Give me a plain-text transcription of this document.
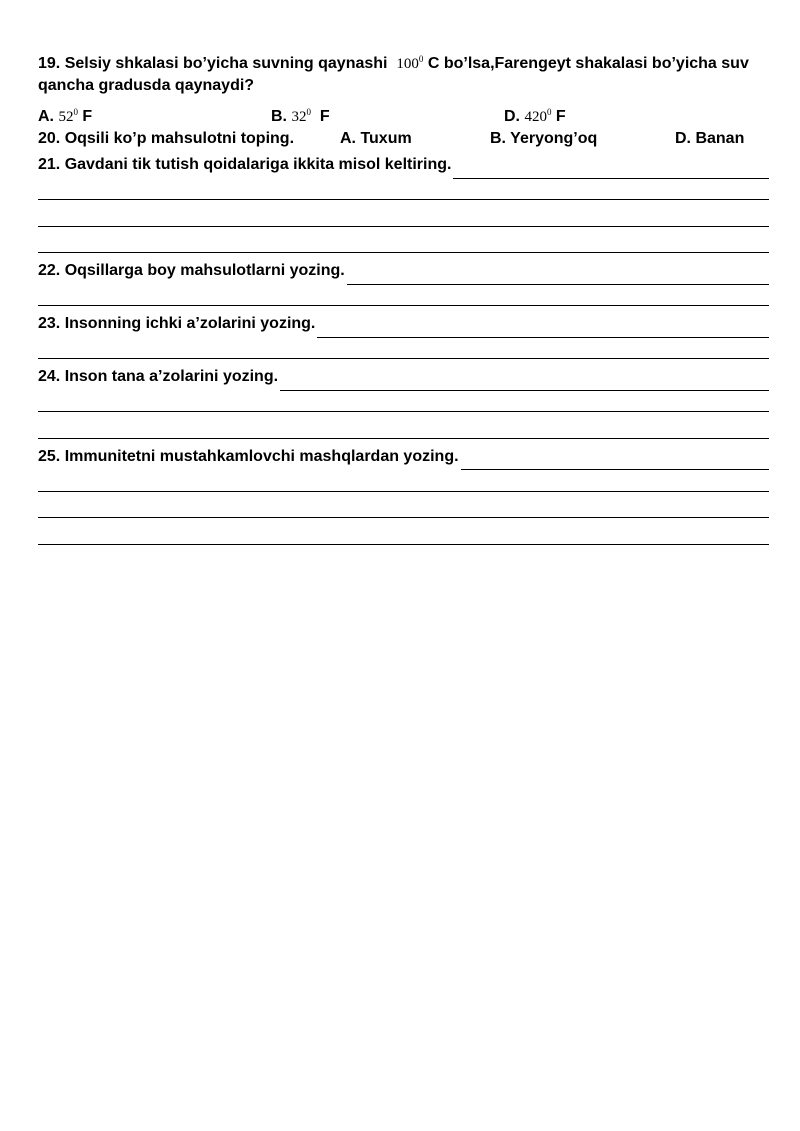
19. Selsiy shkalasi bo’yicha suvning qaynashi $100^0$ C bo’lsa,Farengeyt shakalasi bo’yicha suv
qancha gradusda qaynaydi?
A. $52^0$ F	B. $32^0$ F	D. $420^0$ F
20. Oqsili ko’p mahsulotni toping.	A. Tuxum	B. Yeryong’oq	D. Banan
21. Gavdani tik tutish qoidalariga ikkita misol keltiring.
22. Oqsillarga boy mahsulotlarni yozing.
23. Insonning ichki a’zolarini yozing.
24. Inson tana a’zolarini yozing.
25. Immunitetni mustahkamlovchi mashqlardan yozing.
